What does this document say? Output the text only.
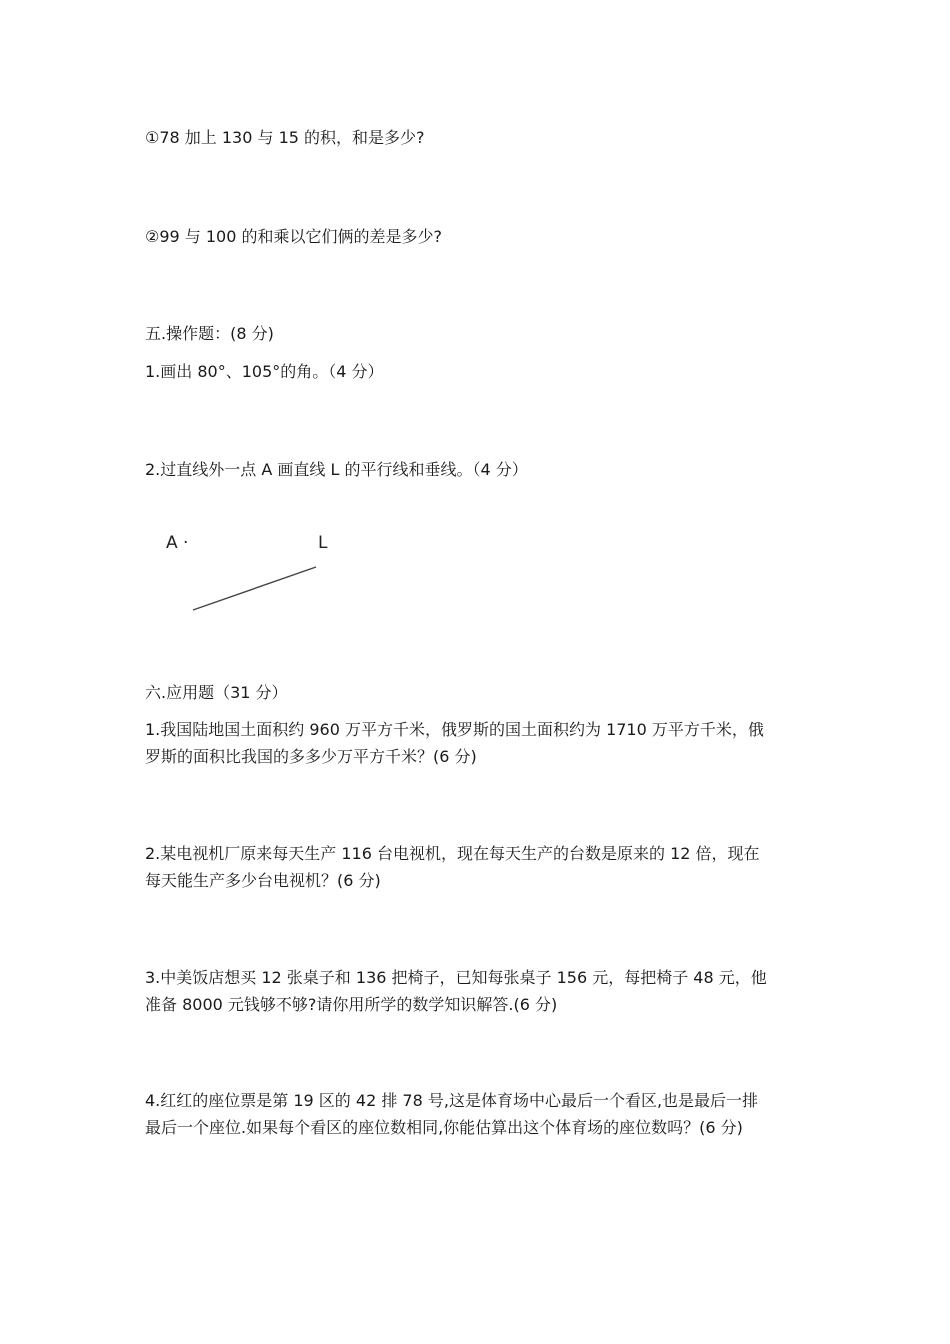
①78 加上 130 与 15 的积，和是多少?
②99 与 100 的和乘以它们俩的差是多少?
五.操作题：(8 分)
1.画出 80°、105°的角。（4 分）
2.过直线外一点 A 画直线 L 的平行线和垂线。（4 分）
A ·	L
六.应用题（31 分）
1.我国陆地国土面积约 960 万平方千米，俄罗斯的国土面积约为 1710 万平方千米，俄
罗斯的面积比我国的多多少万平方千米？(6 分)
2.某电视机厂原来每天生产 116 台电视机，现在每天生产的台数是原来的 12 倍，现在
每天能生产多少台电视机？(6 分)
3.中美饭店想买 12 张桌子和 136 把椅子，已知每张桌子 156 元，每把椅子 48 元，他
准备 8000 元钱够不够?请你用所学的数学知识解答.(6 分)
4.红红的座位票是第 19 区的 42 排 78 号,这是体育场中心最后一个看区,也是最后一排
最后一个座位.如果每个看区的座位数相同,你能估算出这个体育场的座位数吗？(6 分)
